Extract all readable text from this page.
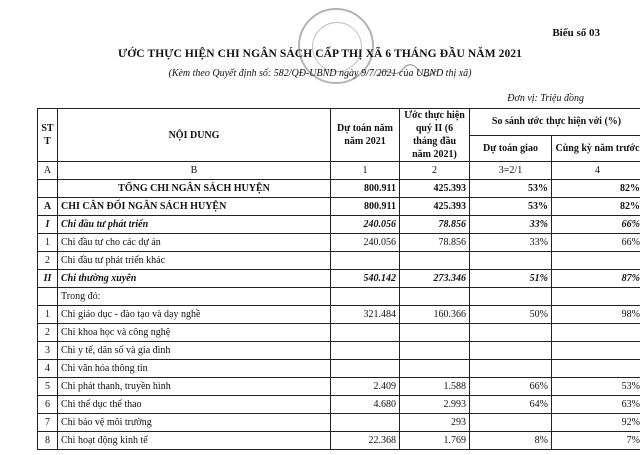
Biểu số 03
ƯỚC THỰC HIỆN CHI NGÂN SÁCH CẤP THỊ XÃ 6 THÁNG ĐẦU NĂM 2021
(Kèm theo Quyết định số: 582/QĐ-UBND ngày 9/7/2021 của UBND thị xã)
Đơn vị: Triệu đồng
ST T	NỘI DUNG	Dự toán năm năm 2021	Ước thực hiện quý II (6 tháng đầu năm 2021)	So sánh ước thực hiện với (%)	
				Dự toán giao	Cùng kỳ năm trước
A	B	1	2	3=2/1	4
	TỔNG CHI NGÂN SÁCH HUYỆN	800.911	425.393	53%	82%
A	CHI CÂN ĐỐI NGÂN SÁCH HUYỆN	800.911	425.393	53%	82%
I	Chi đầu tư phát triển	240.056	78.856	33%	66%
1	Chi đầu tư cho các dự án	240.056	78.856	33%	66%
2	Chi đầu tư phát triển khác				
II	Chi thường xuyên	540.142	273.346	51%	87%
	Trong đó:				
1	Chi giáo dục - đào tạo và dạy nghề	321.484	160.366	50%	98%
2	Chi khoa học và công nghệ				
3	Chi y tế, dân số và gia đình				
4	Chi văn hóa thông tin				
5	Chi phát thanh, truyền hình	2.409	1.588	66%	53%
6	Chi thể dục thể thao	4.680	2.993	64%	63%
7	Chi bảo vệ môi trường		293		92%
8	Chi hoạt động kinh tế	22.368	1.769	8%	7%
